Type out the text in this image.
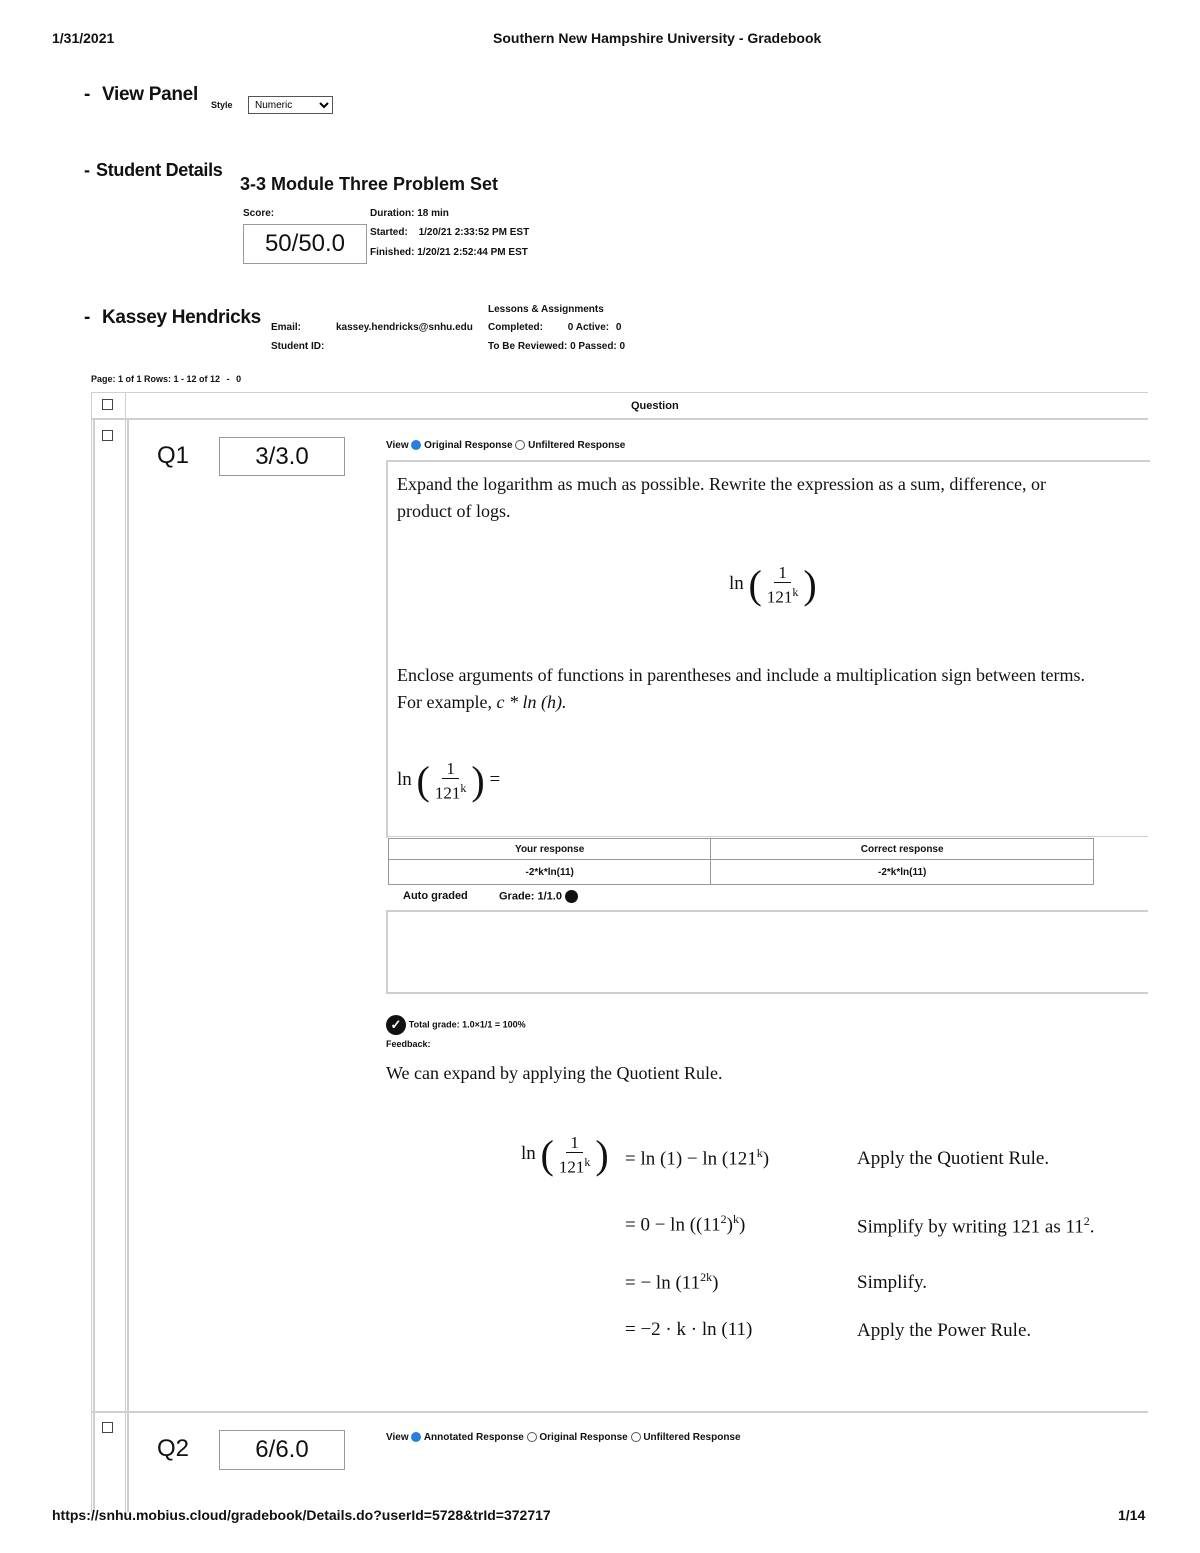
1/31/2021	Southern New Hampshire University - Gradebook
- View Panel Style
Numeric
- Student Details
3-3 Module Three Problem Set
Score:
50/50.0
Duration: 18 min
Started: 1/20/21 2:33:52 PM EST
Finished: 1/20/21 2:52:44 PM EST
- Kassey Hendricks Email:	kassey.hendricks@snhu.edu
Student ID:
Lessons & Assignments
Completed: 0 Active: 0
To Be Reviewed: 0 Passed: 0
Page: 1 of 1 Rows: 1 - 12 of 12 - 0
Question
Q1	3/3.0	View Original Response Unfiltered Response
Expand the logarithm as much as possible. Rewrite the expression as a sum, difference, or
product of logs.
ln ( $\frac{1}{121^k}$ )
Enclose arguments of functions in parentheses and include a multiplication sign between terms.
For example, c * ln (h).
ln ( $\frac{1}{121^k}$ ) =
Your response	Correct response
-2*k*ln(11)	-2*k*ln(11)
Auto graded	Grade: 1/1.0
✓ Total grade: 1.0×1/1 = 100%
Feedback:
We can expand by applying the Quotient Rule.
ln ( $\frac{1}{121^k}$ ) = ln (1) − ln (121$^k$)	Apply the Quotient Rule.
= $0 - \ln ((11^2)^k)$	Simplify by writing 121 as $11^2$.
= − $\ln (11^{2k})$	Simplify.
= −2 · k · ln (11)	Apply the Power Rule.
Q2	6/6.0	View Annotated Response Original Response Unfiltered Response
https://snhu.mobius.cloud/gradebook/Details.do?userId=5728&trId=372717	1/14
